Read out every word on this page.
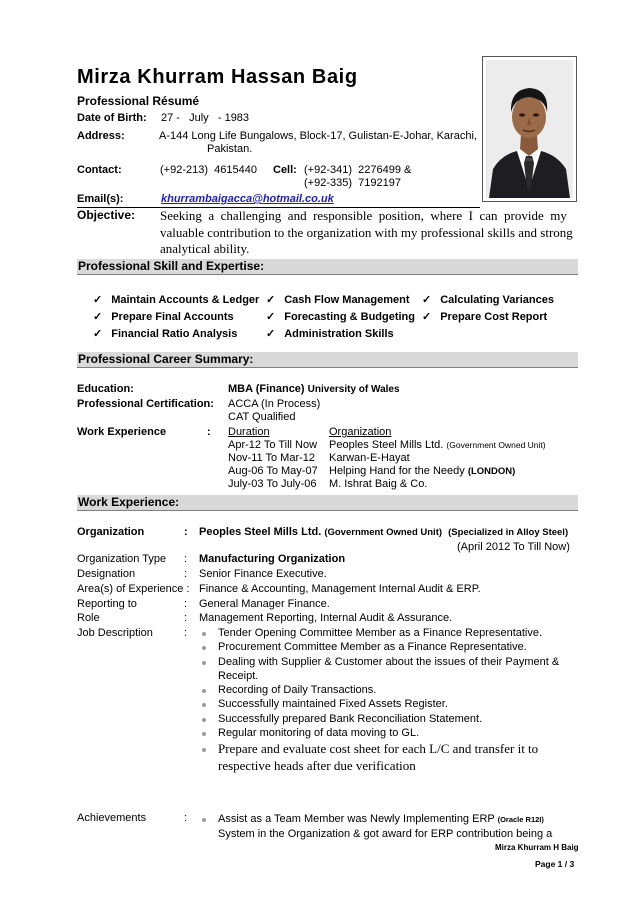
Mirza Khurram Hassan Baig
Professional Résumé
Date of Birth: 27 -   July   - 1983
Address:	A-144 Long Life Bungalows, Block-17, Gulistan-E-Johar, Karachi,
Pakistan.
Contact:	(+92-213)  4615440 Cell: (+92-341)  2276499 &
(+92-335)  7192197
Email(s):	khurrambaigacca@hotmail.co.uk
Objective: Seeking  a  challenging  and  responsible  position,  where  I  can  provide  my
valuable contribution to the organization with my professional skills and strong
analytical ability.
Professional Skill and Expertise:
✓ Maintain Accounts & Ledger ✓ Cash Flow Management ✓ Calculating Variances
✓ Prepare Final Accounts	✓ Forecasting & Budgeting ✓ Prepare Cost Report
✓ Financial Ratio Analysis	✓ Administration Skills
Professional Career Summary:
Education:	MBA (Finance) University of Wales
Professional Certification: ACCA (In Process)
CAT Qualified
Work Experience	: Duration	Organization
Apr-12 To Till Now Peoples Steel Mills Ltd. (Government Owned Unit)
Nov-11 To Mar-12 Karwan-E-Hayat
Aug-06 To May-07 Helping Hand for the Needy (LONDON)
July-03 To July-06 M. Ishrat Baig & Co.
Work Experience:
Organization	: Peoples Steel Mills Ltd. (Government Owned Unit) (Specialized in Alloy Steel)
(April 2012 To Till Now)
Organization Type : Manufacturing Organization
Designation	: Senior Finance Executive.
Area(s) of Experience : Finance & Accounting, Management Internal Audit & ERP.
Reporting to	: General Manager Finance.
Role	: Management Reporting, Internal Audit & Assurance.
Job Description	:	Tender Opening Committee Member as a Finance Representative.
Procurement Committee Member as a Finance Representative.
Dealing with Supplier & Customer about the issues of their Payment &
Receipt.
Recording of Daily Transactions.
Successfully maintained Fixed Assets Register.
Successfully prepared Bank Reconciliation Statement.
Regular monitoring of data moving to GL.
Prepare and evaluate cost sheet for each L/C and transfer it to
respective heads after due verification
Achievements	:	Assist as a Team Member was Newly Implementing ERP (Oracle R12I)
System in the Organization & got award for ERP contribution being a
Mirza Khurram H Baig
Page 1 / 3
